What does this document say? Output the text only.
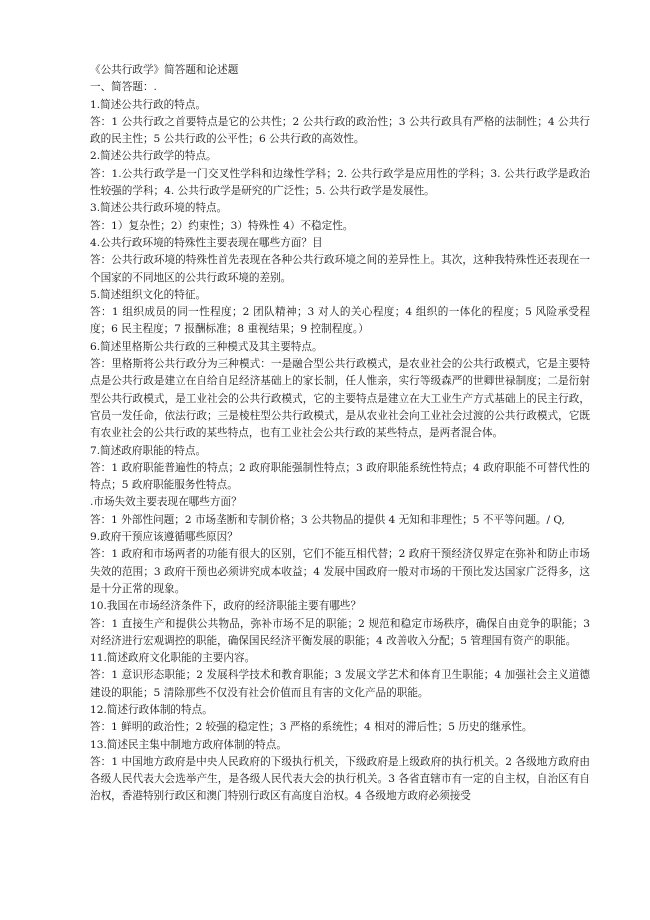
《公共行政学》简答题和论述题

一、简答题：.

1.简述公共行政的特点。

答：1 公共行政之首要特点是它的公共性；2 公共行政的政治性；3 公共行政具有严格的法制性；4 公共行政的民主性；5 公共行政的公平性；6 公共行政的高效性。

2.简述公共行政学的特点。

答：1.公共行政学是一门交叉性学科和边缘性学科；2. 公共行政学是应用性的学科；3. 公共行政学是政治性较强的学科；4. 公共行政学是研究的广泛性；5. 公共行政学是发展性。

3.简述公共行政环境的特点。

答：1）复杂性；2）约束性；3）特殊性 4）不稳定性。

4.公共行政环境的特殊性主要表现在哪些方面？目

答：公共行政环境的特殊性首先表现在各种公共行政环境之间的差异性上。其次，这种我特殊性还表现在一个国家的不同地区的公共行政环境的差别。

5.简述组织文化的特征。

答：1 组织成员的同一性程度；2 团队精神；3 对人的关心程度；4 组织的一体化的程度；5 风险承受程度；6 民主程度；7 报酬标准；8 重视结果；9 控制程度。）

6.简述里格斯公共行政的三种模式及其主要特点。

答：里格斯将公共行政分为三种模式：一是融合型公共行政模式，是农业社会的公共行政模式，它是主要特点是公共行政是建立在自给自足经济基础上的家长制，任人惟亲，实行等级森严的世卿世禄制度；二是衍射型公共行政模式，是工业社会的公共行政模式，它的主要特点是建立在大工业生产方式基础上的民主行政，官员一发任命，依法行政；三是棱柱型公共行政模式，是从农业社会向工业社会过渡的公共行政模式，它既有农业社会的公共行政的某些特点，也有工业社会公共行政的某些特点，是两者混合体。

7.简述政府职能的特点。

答：1 政府职能普遍性的特点；2 政府职能强制性特点；3 政府职能系统性特点；4 政府职能不可替代性的特点；5 政府职能服务性特点。

.市场失效主要表现在哪些方面？

答：1 外部性问题；2 市场垄断和专制价格；3 公共物品的提供 4 无知和非理性；5 不平等问题。/ Q,

9.政府干预应该遵循哪些原因？

答：1 政府和市场两者的功能有很大的区别，它们不能互相代替；2 政府干预经济仅界定在弥补和防止市场失效的范围；3 政府干预也必须讲究成本收益；4 发展中国政府一般对市场的干预比发达国家广泛得多，这是十分正常的现象。

10.我国在市场经济条件下，政府的经济职能主要有哪些？

答：1 直接生产和提供公共物品，弥补市场不足的职能；2 规范和稳定市场秩序，确保自由竞争的职能；3 对经济进行宏观调控的职能，确保国民经济平衡发展的职能；4 改善收入分配；5 管理国有资产的职能。

11.简述政府文化职能的主要内容。

答：1 意识形态职能；2 发展科学技术和教育职能；3 发展文学艺术和体育卫生职能；4 加强社会主义道德建设的职能；5 清除那些不仅没有社会价值而且有害的文化产品的职能。

12.简述行政体制的特点。

答：1 鲜明的政治性；2 较强的稳定性；3 严格的系统性；4 相对的滞后性；5 历史的继承性。

13.简述民主集中制地方政府体制的特点。

答：1 中国地方政府是中央人民政府的下级执行机关，下级政府是上级政府的执行机关。2 各级地方政府由各级人民代表大会选举产生，是各级人民代表大会的执行机关。3 各省直辖市有一定的自主权，自治区有自治权，香港特别行政区和澳门特别行政区有高度自治权。4 各级地方政府必须接受
